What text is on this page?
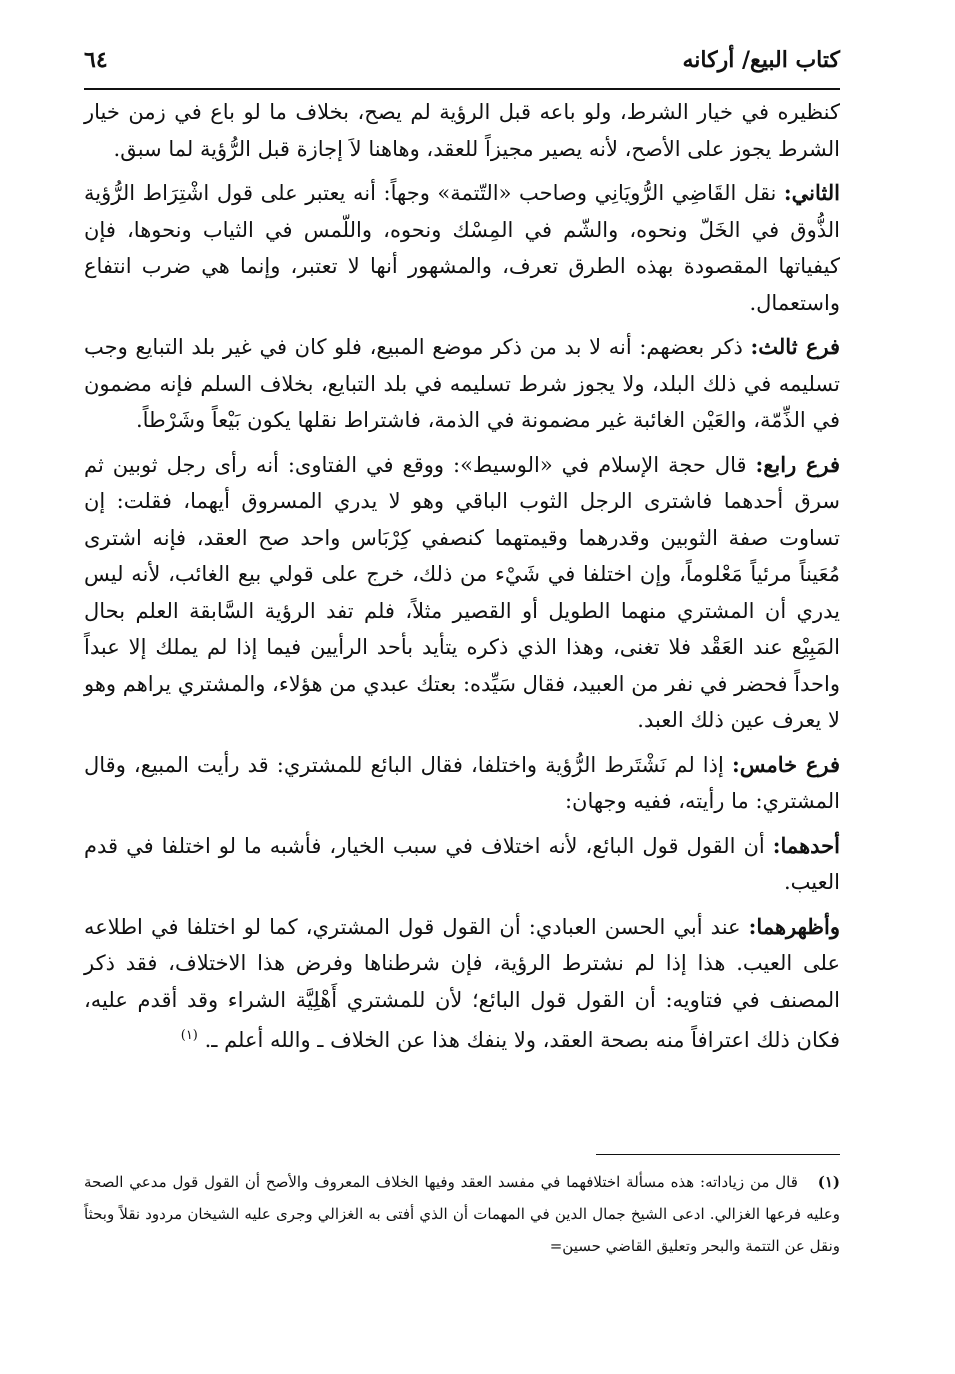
كتاب البيع/ أركانه
٦٤

كنظيره في خيار الشرط، ولو باعه قبل الرؤية لم يصح، بخلاف ما لو باع في زمن خيار الشرط يجوز على الأصح، لأنه يصير مجيزاً للعقد، وهاهنا لاَ إجازة قبل الرُّؤية لما سبق.

الثاني: نقل القَاضِي الرُّويَانِي وصاحب «التّتمة» وجهاً: أنه يعتبر على قول اشْتِرَاط الرُّؤية الذُّوق في الخَلّ ونحوه، والشّم في المِسْك ونحوه، واللّمس في الثياب ونحوها، فإن كيفياتها المقصودة بهذه الطرق تعرف، والمشهور أنها لا تعتبر، وإنما هي ضرب انتفاع واستعمال.

فرع ثالث: ذكر بعضهم: أنه لا بد من ذكر موضع المبيع، فلو كان في غير بلد التبايع وجب تسليمه في ذلك البلد، ولا يجوز شرط تسليمه في بلد التبايع، بخلاف السلم فإنه مضمون في الذِّمّة، والعَيْن الغائبة غير مضمونة في الذمة، فاشتراط نقلها يكون بَيْعاً وشَرْطاً.

فرع رابع: قال حجة الإسلام في «الوسيط»: ووقع في الفتاوى: أنه رأى رجل ثوبين ثم سرق أحدهما فاشترى الرجل الثوب الباقي وهو لا يدري المسروق أيهما، فقلت: إن تساوت صفة الثوبين وقدرهما وقيمتهما كنصفي كِرْبَاس واحد صح العقد، فإنه اشترى مُعَيناً مرئياً مَعْلوماً، وإن اختلفا في شَيْء من ذلك، خرج على قولي بيع الغائب، لأنه ليس يدري أن المشتري منهما الطويل أو القصير مثلاً، فلم تفد الرؤية السَّابقة العلم بحال المَبِيْع عند العَقْد فلا تغنى، وهذا الذي ذكره يتأيد بأحد الرأيين فيما إذا لم يملك إلا عبداً واحداً فحضر في نفر من العبيد، فقال سَيِّده: بعتك عبدي من هؤلاء، والمشتري يراهم وهو لا يعرف عين ذلك العبد.

فرع خامس: إذا لم نَشْتَرط الرُّؤية واختلفا، فقال البائع للمشتري: قد رأيت المبيع، وقال المشتري: ما رأيته، ففيه وجهان:

أحدهما: أن القول قول البائع، لأنه اختلاف في سبب الخيار، فأشبه ما لو اختلفا في قدم العيب.

وأظهرهما: عند أبي الحسن العبادي: أن القول قول المشتري، كما لو اختلفا في اطلاعه على العيب. هذا إذا لم نشترط الرؤية، فإن شرطناها وفرض هذا الاختلاف، فقد ذكر المصنف في فتاويه: أن القول قول البائع؛ لأن للمشتري أَهْلِيَّة الشراء وقد أقدم عليه، فكان ذلك اعترافاً منه بصحة العقد، ولا ينفك هذا عن الخلاف ـ والله أعلم ـ. $^{(١)}$

(١) قال من زياداته: هذه مسألة اختلافهما في مفسد العقد وفيها الخلاف المعروف والأصح أن القول قول مدعي الصحة وعليه فرعها الغزالي. ادعى الشيخ جمال الدين في المهمات أن الذي أفتى به الغزالي وجرى عليه الشيخان مردود نقلاً وبحثاً ونقل عن التتمة والبحر وتعليق القاضي حسين=
